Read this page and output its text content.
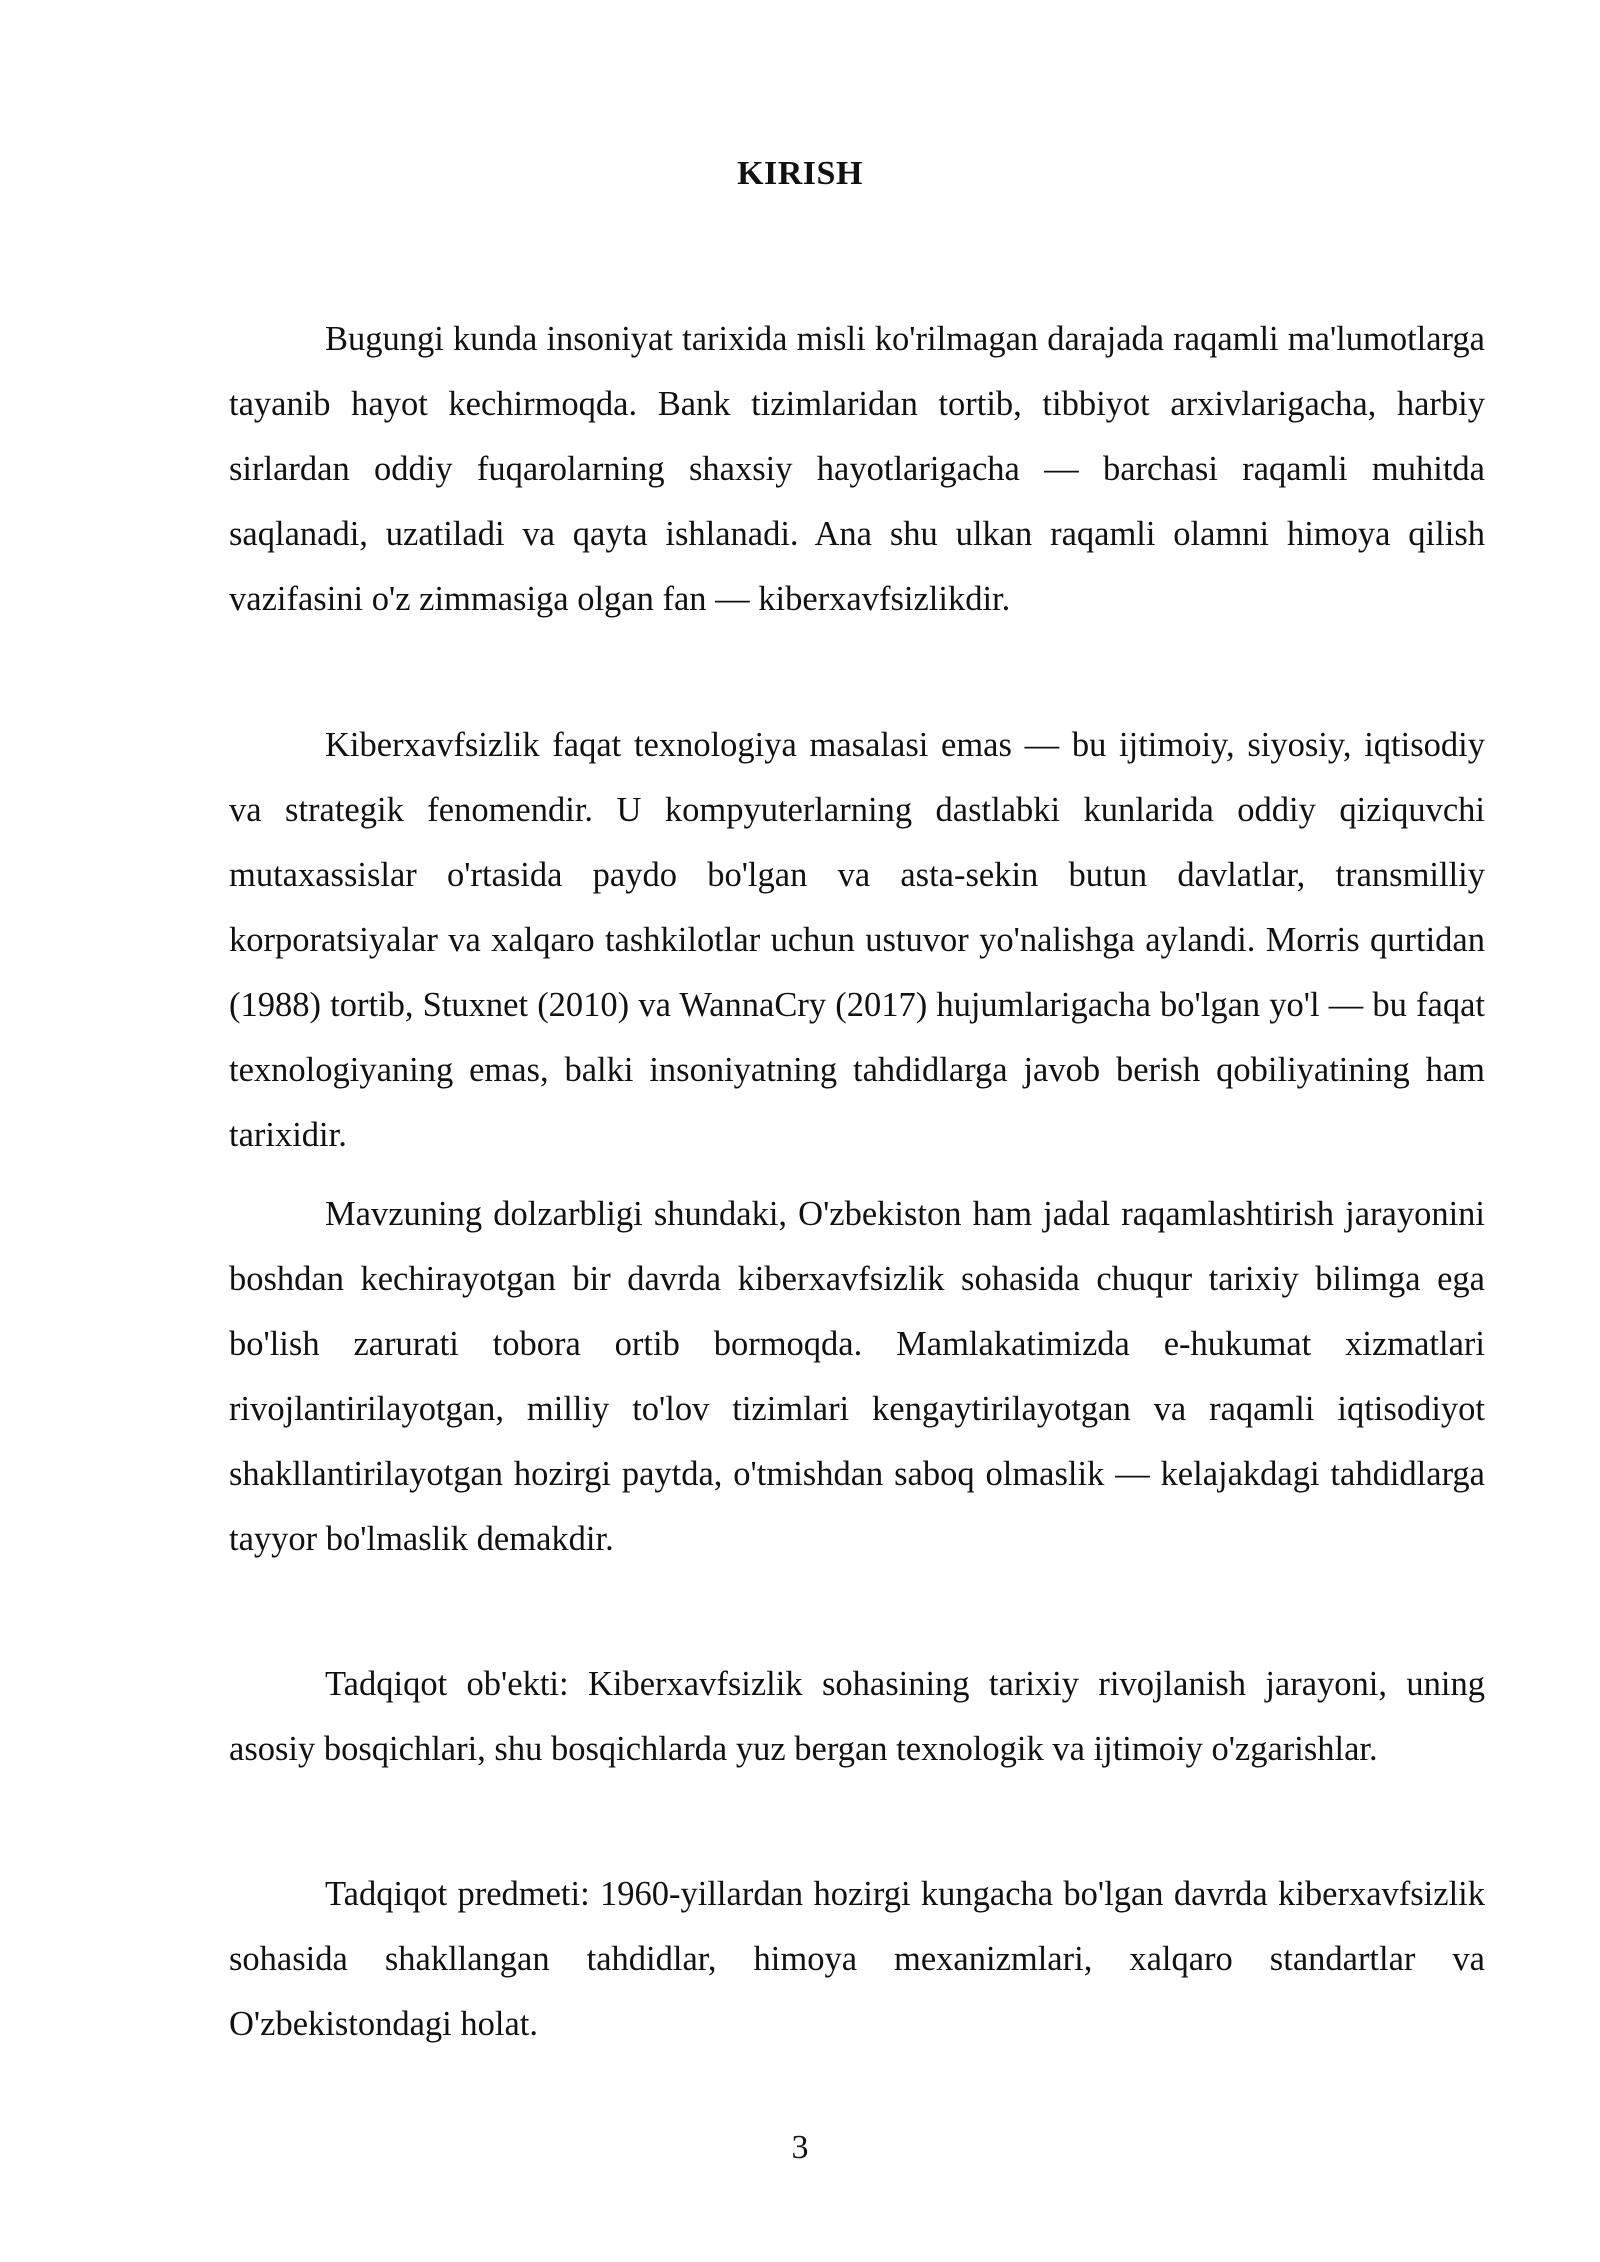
KIRISH

Bugungi kunda insoniyat tarixida misli ko'rilmagan darajada raqamli ma'lumotlarga tayanib hayot kechirmoqda. Bank tizimlaridan tortib, tibbiyot arxivlarigacha, harbiy sirlardan oddiy fuqarolarning shaxsiy hayotlarigacha — barchasi raqamli muhitda saqlanadi, uzatiladi va qayta ishlanadi. Ana shu ulkan raqamli olamni himoya qilish vazifasini o'z zimmasiga olgan fan — kiberxavfsizlikdir.

Kiberxavfsizlik faqat texnologiya masalasi emas — bu ijtimoiy, siyosiy, iqtisodiy va strategik fenomendir. U kompyuterlarning dastlabki kunlarida oddiy qiziquvchi mutaxassislar o'rtasida paydo bo'lgan va asta-sekin butun davlatlar, transmilliy korporatsiyalar va xalqaro tashkilotlar uchun ustuvor yo'nalishga aylandi. Morris qurtidan (1988) tortib, Stuxnet (2010) va WannaCry (2017) hujumlarigacha bo'lgan yo'l — bu faqat texnologiyaning emas, balki insoniyatning tahdidlarga javob berish qobiliyatining ham tarixidir.

Mavzuning dolzarbligi shundaki, O'zbekiston ham jadal raqamlashtirish jarayonini boshdan kechirayotgan bir davrda kiberxavfsizlik sohasida chuqur tarixiy bilimga ega bo'lish zarurati tobora ortib bormoqda. Mamlakatimizda e-hukumat xizmatlari rivojlantirilayotgan, milliy to'lov tizimlari kengaytirilayotgan va raqamli iqtisodiyot shakllantirilayotgan hozirgi paytda, o'tmishdan saboq olmaslik — kelajakdagi tahdidlarga tayyor bo'lmaslik demakdir.

Tadqiqot ob'ekti: Kiberxavfsizlik sohasining tarixiy rivojlanish jarayoni, uning asosiy bosqichlari, shu bosqichlarda yuz bergan texnologik va ijtimoiy o'zgarishlar.

Tadqiqot predmeti: 1960-yillardan hozirgi kungacha bo'lgan davrda kiberxavfsizlik sohasida shakllangan tahdidlar, himoya mexanizmlari, xalqaro standartlar va O'zbekistondagi holat.

3
